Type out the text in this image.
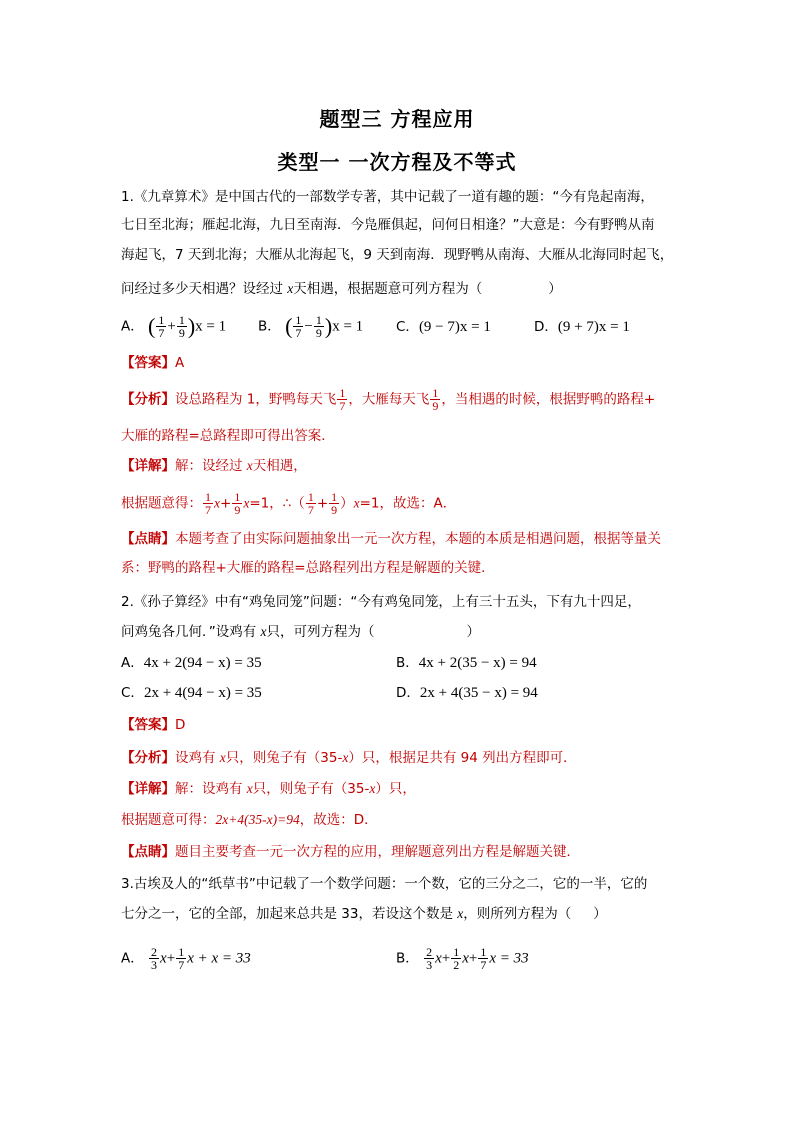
题型三 方程应用
类型一 一次方程及不等式
1.《九章算术》是中国古代的一部数学专著，其中记载了一道有趣的题：“今有凫起南海，
七日至北海；雁起北海，九日至南海．今凫雁俱起，问何日相逢？”大意是：今有野鸭从南
海起飞，7 天到北海；大雁从北海起飞，9 天到南海．现野鸭从南海、大雁从北海同时起飞，
问经过多少天相遇？设经过 x天相遇，根据题意可列方程为（	）
A． ( $\frac{1}{7} + \frac{1}{9} )x = 1$ B． ( $\frac{1}{7} - \frac{1}{9} )x = 1$ C．(9 − 7)x = 1	D．(9 + 7)x = 1
【答案】A
【分析】设总路程为 1，野鸭每天飞 $\frac{1}{7}$ ，大雁每天飞 $\frac{1}{9}$ ，当相遇的时候，根据野鸭的路程+
大雁的路程=总路程即可得出答案．
【详解】解：设经过 x天相遇，
根据题意得： $\frac{1}{7} x+ \frac{1}{9} x=1$，∴（ $\frac{1}{7} + \frac{1}{9} )x=1$，故选：A．
【点睛】本题考查了由实际问题抽象出一元一次方程，本题的本质是相遇问题，根据等量关
系：野鸭的路程+大雁的路程=总路程列出方程是解题的关键．
2.《孙子算经》中有“鸡兔同笼”问题：“今有鸡兔同笼，上有三十五头，下有九十四足，
问鸡兔各几何．”设鸡有 x只，可列方程为（	）
A．4x + 2(94 − x) = 35	B．4x + 2(35 − x) = 94
C．2x + 4(94 − x) = 35	D．2x + 4(35 − x) = 94
【答案】D
【分析】设鸡有 x只，则兔子有（35-x）只，根据足共有 94 列出方程即可．
【详解】解：设鸡有 x只，则兔子有（35-x）只，
根据题意可得：2x+4(35-x)=94，故选：D．
【点睛】题目主要考查一元一次方程的应用，理解题意列出方程是解题关键．
3.古埃及人的“纸草书”中记载了一个数学问题：一个数，它的三分之二，它的一半，它的
七分之一，它的全部，加起来总共是 33，若设这个数是 x，则所列方程为（ ）
A． $\frac{2}{3} x+ \frac{1}{7}$ x + x = 33	B． $\frac{2}{3} x+ \frac{1}{2} x+ \frac{1}{7}$ x = 33
